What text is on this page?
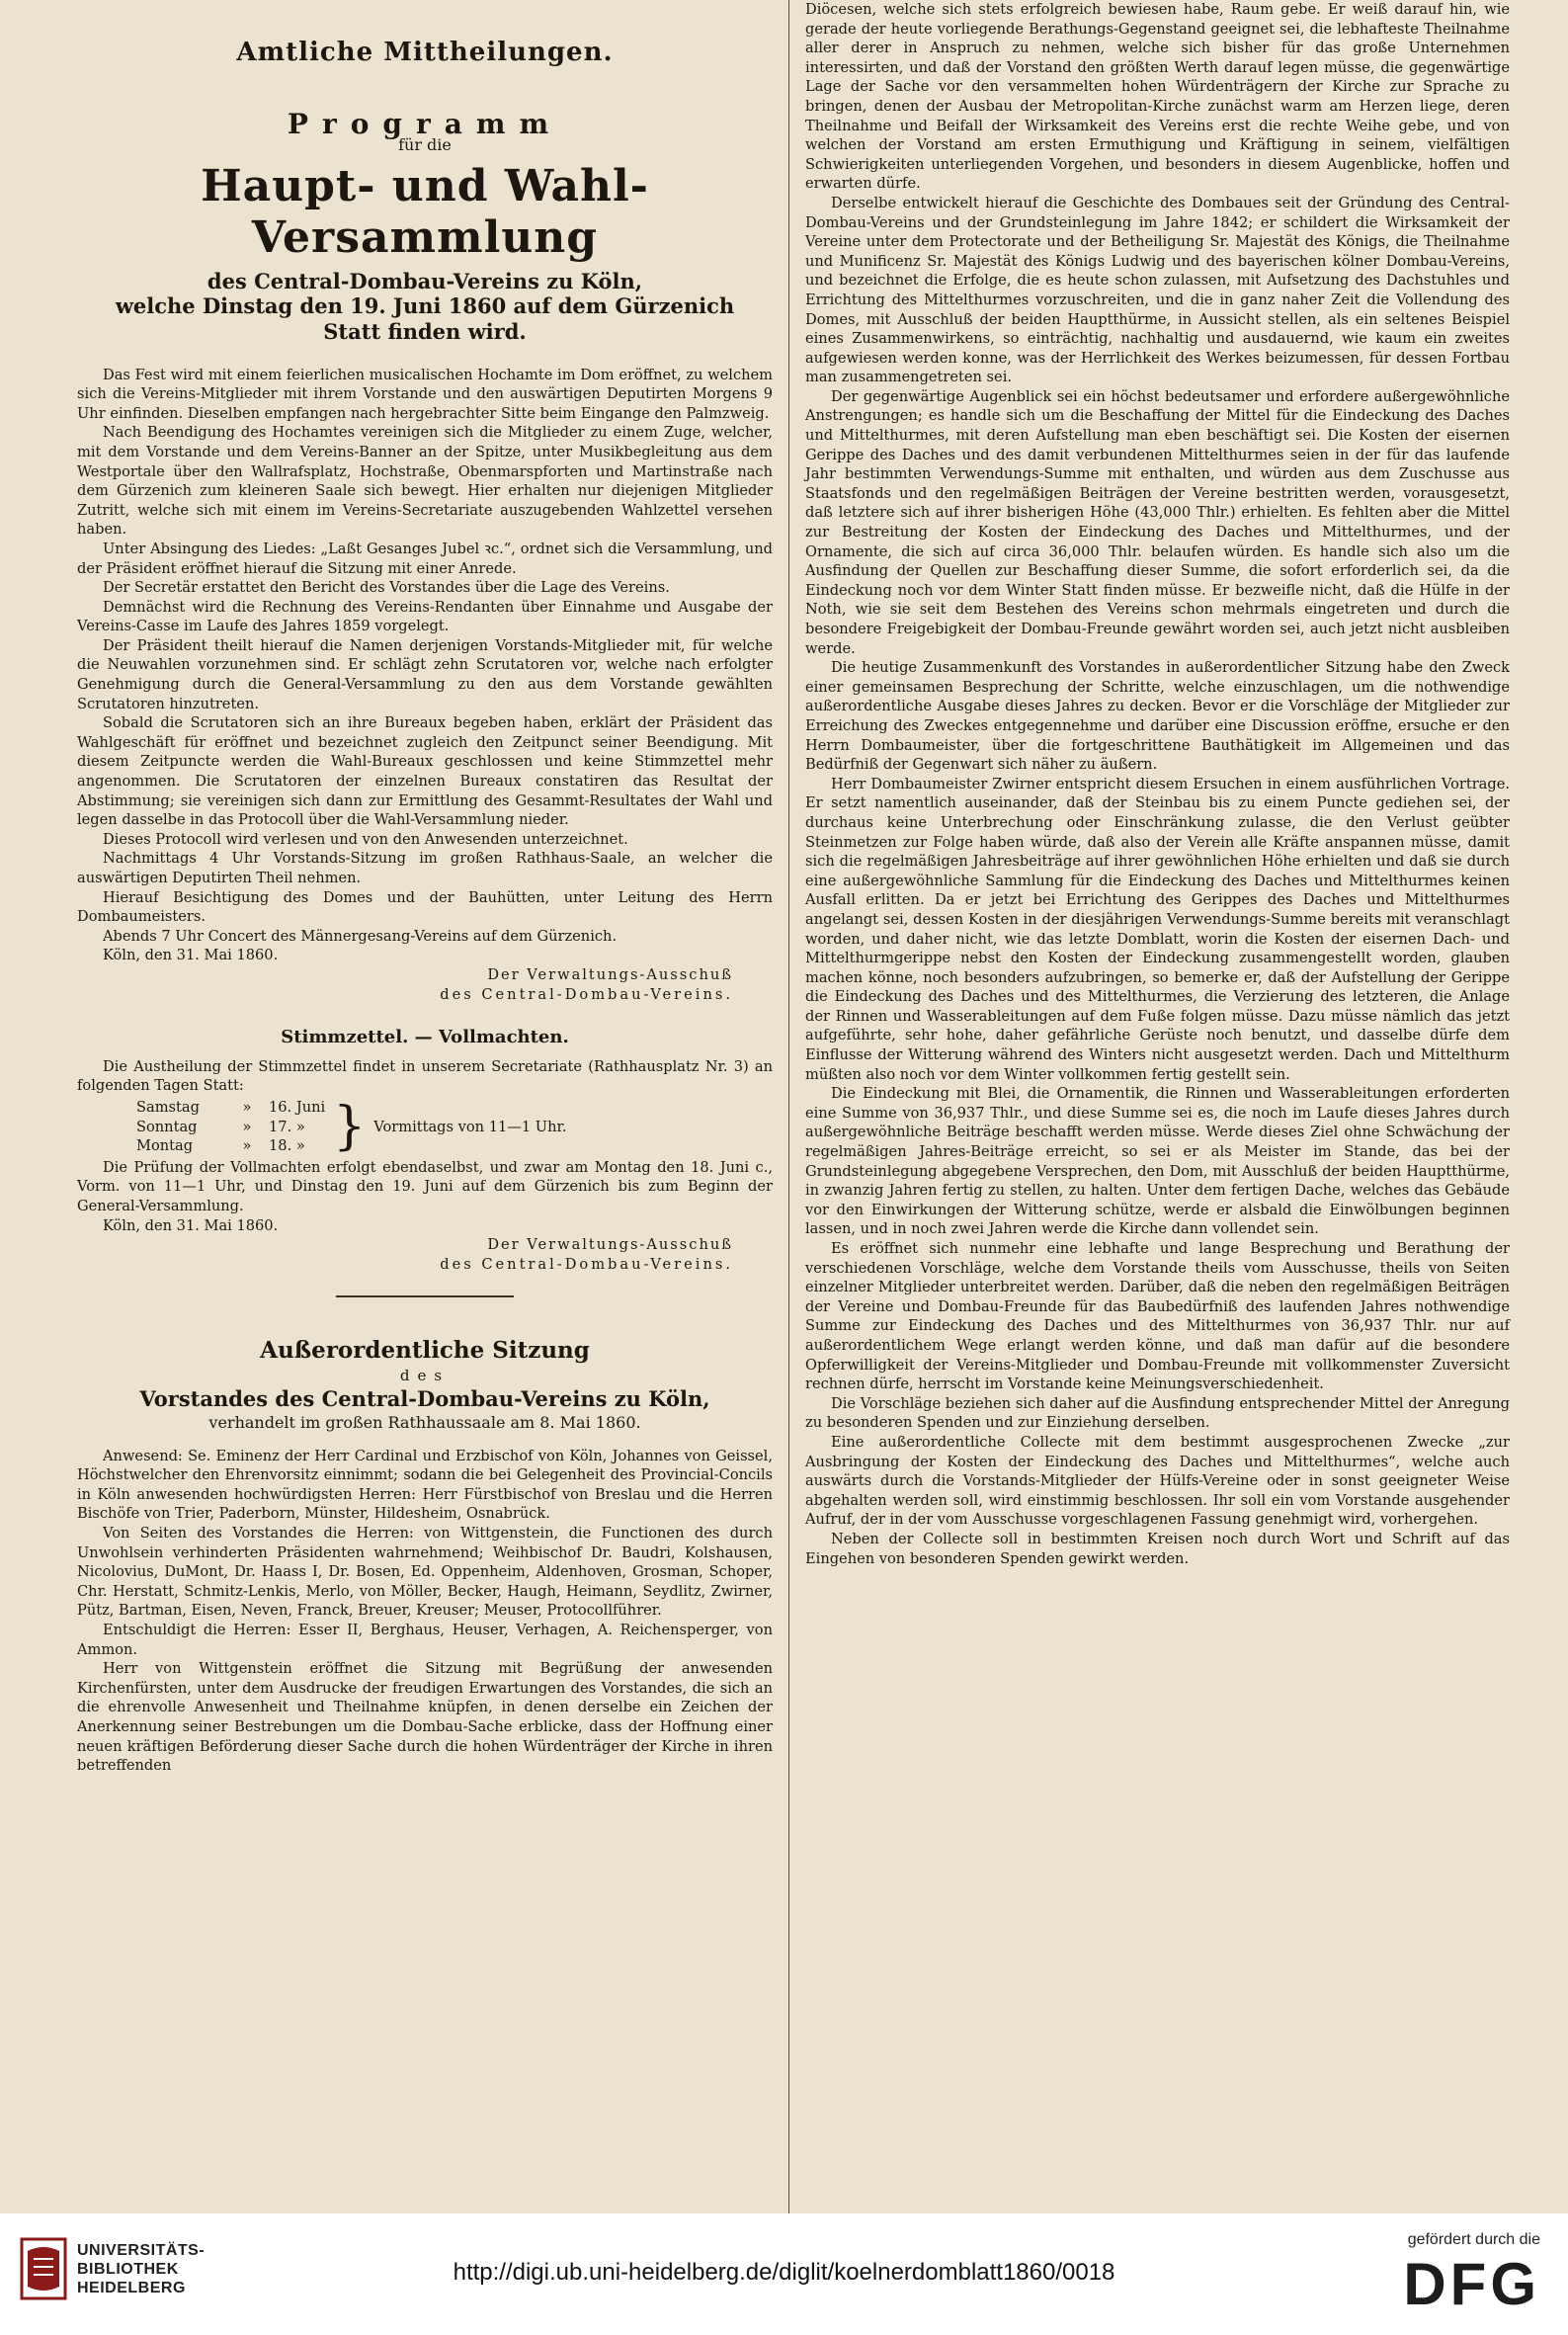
Amtliche Mittheilungen.
Programm
für die
Haupt- und Wahl-Versammlung
des Central-Dombau-Vereins zu Köln,
welche Dinstag den 19. Juni 1860 auf dem Gürzenich
Statt finden wird.

Das Fest wird mit einem feierlichen musicalischen Hochamte im Dom eröffnet, zu welchem sich die Vereins-Mitglieder mit ihrem Vorstande und den auswärtigen Deputirten Morgens 9 Uhr einfinden. Dieselben empfangen nach hergebrachter Sitte beim Eingange den Palmzweig.

Nach Beendigung des Hochamtes vereinigen sich die Mitglieder zu einem Zuge, welcher, mit dem Vorstande und dem Vereins-Banner an der Spitze, unter Musikbegleitung aus dem Westportale über den Wallrafsplatz, Hochstraße, Obenmarspforten und Martinstraße nach dem Gürzenich zum kleineren Saale sich bewegt. Hier erhalten nur diejenigen Mitglieder Zutritt, welche sich mit einem im Vereins-Secretariate auszugebenden Wahlzettel versehen haben.

Unter Absingung des Liedes: „Laßt Gesanges Jubel ꝛc.“, ordnet sich die Versammlung, und der Präsident eröffnet hierauf die Sitzung mit einer Anrede.

Der Secretär erstattet den Bericht des Vorstandes über die Lage des Vereins.

Demnächst wird die Rechnung des Vereins-Rendanten über Einnahme und Ausgabe der Vereins-Casse im Laufe des Jahres 1859 vorgelegt.

Der Präsident theilt hierauf die Namen derjenigen Vorstands-Mitglieder mit, für welche die Neuwahlen vorzunehmen sind. Er schlägt zehn Scrutatoren vor, welche nach erfolgter Genehmigung durch die General-Versammlung zu den aus dem Vorstande gewählten Scrutatoren hinzutreten.

Sobald die Scrutatoren sich an ihre Bureaux begeben haben, erklärt der Präsident das Wahlgeschäft für eröffnet und bezeichnet zugleich den Zeitpunct seiner Beendigung. Mit diesem Zeitpuncte werden die Wahl-Bureaux geschlossen und keine Stimmzettel mehr angenommen. Die Scrutatoren der einzelnen Bureaux constatiren das Resultat der Abstimmung; sie vereinigen sich dann zur Ermittlung des Gesammt-Resultates der Wahl und legen dasselbe in das Protocoll über die Wahl-Versammlung nieder.

Dieses Protocoll wird verlesen und von den Anwesenden unterzeichnet.

Nachmittags 4 Uhr Vorstands-Sitzung im großen Rathhaus-Saale, an welcher die auswärtigen Deputirten Theil nehmen.

Hierauf Besichtigung des Domes und der Bauhütten, unter Leitung des Herrn Dombaumeisters.

Abends 7 Uhr Concert des Männergesang-Vereins auf dem Gürzenich.

Köln, den 31. Mai 1860.

Der Verwaltungs-Ausschuß

des Central-Dombau-Vereins.

Stimmzettel. — Vollmachten.

Die Austheilung der Stimmzettel findet in unserem Secretariate (Rathhausplatz Nr. 3) an folgenden Tagen Statt:

Samstag	»	16. Juni
Sonntag	»	17. »
Montag	»	18. » } Vormittags von 11—1 Uhr.

Die Prüfung der Vollmachten erfolgt ebendaselbst, und zwar am Montag den 18. Juni c., Vorm. von 11—1 Uhr, und Dinstag den 19. Juni auf dem Gürzenich bis zum Beginn der General-Versammlung.

Köln, den 31. Mai 1860.

Der Verwaltungs-Ausschuß

des Central-Dombau-Vereins.

Außerordentliche Sitzung
des
Vorstandes des Central-Dombau-Vereins zu Köln,
verhandelt im großen Rathhaussaale am 8. Mai 1860.

Anwesend: Se. Eminenz der Herr Cardinal und Erzbischof von Köln, Johannes von Geissel, Höchstwelcher den Ehrenvorsitz einnimmt; sodann die bei Gelegenheit des Provincial-Concils in Köln anwesenden hochwürdigsten Herren: Herr Fürstbischof von Breslau und die Herren Bischöfe von Trier, Paderborn, Münster, Hildesheim, Osnabrück.

Von Seiten des Vorstandes die Herren: von Wittgenstein, die Functionen des durch Unwohlsein verhinderten Präsidenten wahrnehmend; Weihbischof Dr. Baudri, Kolshausen, Nicolovius, DuMont, Dr. Haass I, Dr. Bosen, Ed. Oppenheim, Aldenhoven, Grosman, Schoper, Chr. Herstatt, Schmitz-Lenkis, Merlo, von Möller, Becker, Haugh, Heimann, Seydlitz, Zwirner, Pütz, Bartman, Eisen, Neven, Franck, Breuer, Kreuser; Meuser, Protocollführer.

Entschuldigt die Herren: Esser II, Berghaus, Heuser, Verhagen, A. Reichensperger, von Ammon.

Herr von Wittgenstein eröffnet die Sitzung mit Begrüßung der anwesenden Kirchenfürsten, unter dem Ausdrucke der freudigen Erwartungen des Vorstandes, die sich an die ehrenvolle Anwesenheit und Theilnahme knüpfen, in denen derselbe ein Zeichen der Anerkennung seiner Bestrebungen um die Dombau-Sache erblicke, dass der Hoffnung einer neuen kräftigen Beförderung dieser Sache durch die hohen Würdenträger der Kirche in ihren betreffenden

Diöcesen, welche sich stets erfolgreich bewiesen habe, Raum gebe. Er weiß darauf hin, wie gerade der heute vorliegende Berathungs-Gegenstand geeignet sei, die lebhafteste Theilnahme aller derer in Anspruch zu nehmen, welche sich bisher für das große Unternehmen interessirten, und daß der Vorstand den größten Werth darauf legen müsse, die gegenwärtige Lage der Sache vor den versammelten hohen Würdenträgern der Kirche zur Sprache zu bringen, denen der Ausbau der Metropolitan-Kirche zunächst warm am Herzen liege, deren Theilnahme und Beifall der Wirksamkeit des Vereins erst die rechte Weihe gebe, und von welchen der Vorstand am ersten Ermuthigung und Kräftigung in seinem, vielfältigen Schwierigkeiten unterliegenden Vorgehen, und besonders in diesem Augenblicke, hoffen und erwarten dürfe.

Derselbe entwickelt hierauf die Geschichte des Dombaues seit der Gründung des Central-Dombau-Vereins und der Grundsteinlegung im Jahre 1842; er schildert die Wirksamkeit der Vereine unter dem Protectorate und der Betheiligung Sr. Majestät des Königs, die Theilnahme und Munificenz Sr. Majestät des Königs Ludwig und des bayerischen kölner Dombau-Vereins, und bezeichnet die Erfolge, die es heute schon zulassen, mit Aufsetzung des Dachstuhles und Errichtung des Mittelthurmes vorzuschreiten, und die in ganz naher Zeit die Vollendung des Domes, mit Ausschluß der beiden Hauptthürme, in Aussicht stellen, als ein seltenes Beispiel eines Zusammenwirkens, so einträchtig, nachhaltig und ausdauernd, wie kaum ein zweites aufgewiesen werden konne, was der Herrlichkeit des Werkes beizumessen, für dessen Fortbau man zusammengetreten sei.

Der gegenwärtige Augenblick sei ein höchst bedeutsamer und erfordere außergewöhnliche Anstrengungen; es handle sich um die Beschaffung der Mittel für die Eindeckung des Daches und Mittelthurmes, mit deren Aufstellung man eben beschäftigt sei. Die Kosten der eisernen Gerippe des Daches und des damit verbundenen Mittelthurmes seien in der für das laufende Jahr bestimmten Verwendungs-Summe mit enthalten, und würden aus dem Zuschusse aus Staatsfonds und den regelmäßigen Beiträgen der Vereine bestritten werden, vorausgesetzt, daß letztere sich auf ihrer bisherigen Höhe (43,000 Thlr.) erhielten. Es fehlten aber die Mittel zur Bestreitung der Kosten der Eindeckung des Daches und Mittelthurmes, und der Ornamente, die sich auf circa 36,000 Thlr. belaufen würden. Es handle sich also um die Ausfindung der Quellen zur Beschaffung dieser Summe, die sofort erforderlich sei, da die Eindeckung noch vor dem Winter Statt finden müsse. Er bezweifle nicht, daß die Hülfe in der Noth, wie sie seit dem Bestehen des Vereins schon mehrmals eingetreten und durch die besondere Freigebigkeit der Dombau-Freunde gewährt worden sei, auch jetzt nicht ausbleiben werde.

Die heutige Zusammenkunft des Vorstandes in außerordentlicher Sitzung habe den Zweck einer gemeinsamen Besprechung der Schritte, welche einzuschlagen, um die nothwendige außerordentliche Ausgabe dieses Jahres zu decken. Bevor er die Vorschläge der Mitglieder zur Erreichung des Zweckes entgegennehme und darüber eine Discussion eröffne, ersuche er den Herrn Dombaumeister, über die fortgeschrittene Bauthätigkeit im Allgemeinen und das Bedürfniß der Gegenwart sich näher zu äußern.

Herr Dombaumeister Zwirner entspricht diesem Ersuchen in einem ausführlichen Vortrage. Er setzt namentlich auseinander, daß der Steinbau bis zu einem Puncte gediehen sei, der durchaus keine Unterbrechung oder Einschränkung zulasse, die den Verlust geübter Steinmetzen zur Folge haben würde, daß also der Verein alle Kräfte anspannen müsse, damit sich die regelmäßigen Jahresbeiträge auf ihrer gewöhnlichen Höhe erhielten und daß sie durch eine außergewöhnliche Sammlung für die Eindeckung des Daches und Mittelthurmes keinen Ausfall erlitten. Da er jetzt bei Errichtung des Gerippes des Daches und Mittelthurmes angelangt sei, dessen Kosten in der diesjährigen Verwendungs-Summe bereits mit veranschlagt worden, und daher nicht, wie das letzte Domblatt, worin die Kosten der eisernen Dach- und Mittelthurmgerippe nebst den Kosten der Eindeckung zusammengestellt worden, glauben machen könne, noch besonders aufzubringen, so bemerke er, daß der Aufstellung der Gerippe die Eindeckung des Daches und des Mittelthurmes, die Verzierung des letzteren, die Anlage der Rinnen und Wasserableitungen auf dem Fuße folgen müsse. Dazu müsse nämlich das jetzt aufgeführte, sehr hohe, daher gefährliche Gerüste noch benutzt, und dasselbe dürfe dem Einflusse der Witterung während des Winters nicht ausgesetzt werden. Dach und Mittelthurm müßten also noch vor dem Winter vollkommen fertig gestellt sein.

Die Eindeckung mit Blei, die Ornamentik, die Rinnen und Wasserableitungen erforderten eine Summe von 36,937 Thlr., und diese Summe sei es, die noch im Laufe dieses Jahres durch außergewöhnliche Beiträge beschafft werden müsse. Werde dieses Ziel ohne Schwächung der regelmäßigen Jahres-Beiträge erreicht, so sei er als Meister im Stande, das bei der Grundsteinlegung abgegebene Versprechen, den Dom, mit Ausschluß der beiden Hauptthürme, in zwanzig Jahren fertig zu stellen, zu halten. Unter dem fertigen Dache, welches das Gebäude vor den Einwirkungen der Witterung schütze, werde er alsbald die Einwölbungen beginnen lassen, und in noch zwei Jahren werde die Kirche dann vollendet sein.

Es eröffnet sich nunmehr eine lebhafte und lange Besprechung und Berathung der verschiedenen Vorschläge, welche dem Vorstande theils vom Ausschusse, theils von Seiten einzelner Mitglieder unterbreitet werden. Darüber, daß die neben den regelmäßigen Beiträgen der Vereine und Dombau-Freunde für das Baubedürfniß des laufenden Jahres nothwendige Summe zur Eindeckung des Daches und des Mittelthurmes von 36,937 Thlr. nur auf außerordentlichem Wege erlangt werden könne, und daß man dafür auf die besondere Opferwilligkeit der Vereins-Mitglieder und Dombau-Freunde mit vollkommenster Zuversicht rechnen dürfe, herrscht im Vorstande keine Meinungsverschiedenheit.

Die Vorschläge beziehen sich daher auf die Ausfindung entsprechender Mittel der Anregung zu besonderen Spenden und zur Einziehung derselben.

Eine außerordentliche Collecte mit dem bestimmt ausgesprochenen Zwecke „zur Ausbringung der Kosten der Eindeckung des Daches und Mittelthurmes“, welche auch auswärts durch die Vorstands-Mitglieder der Hülfs-Vereine oder in sonst geeigneter Weise abgehalten werden soll, wird einstimmig beschlossen. Ihr soll ein vom Vorstande ausgehender Aufruf, der in der vom Ausschusse vorgeschlagenen Fassung genehmigt wird, vorhergehen.

Neben der Collecte soll in bestimmten Kreisen noch durch Wort und Schrift auf das Eingehen von besonderen Spenden gewirkt werden.

UNIVERSITÄTS-
BIBLIOTHEK
HEIDELBERG
http://digi.ub.uni-heidelberg.de/diglit/koelnerdomblatt1860/0018
gefördert durch die
DFG
